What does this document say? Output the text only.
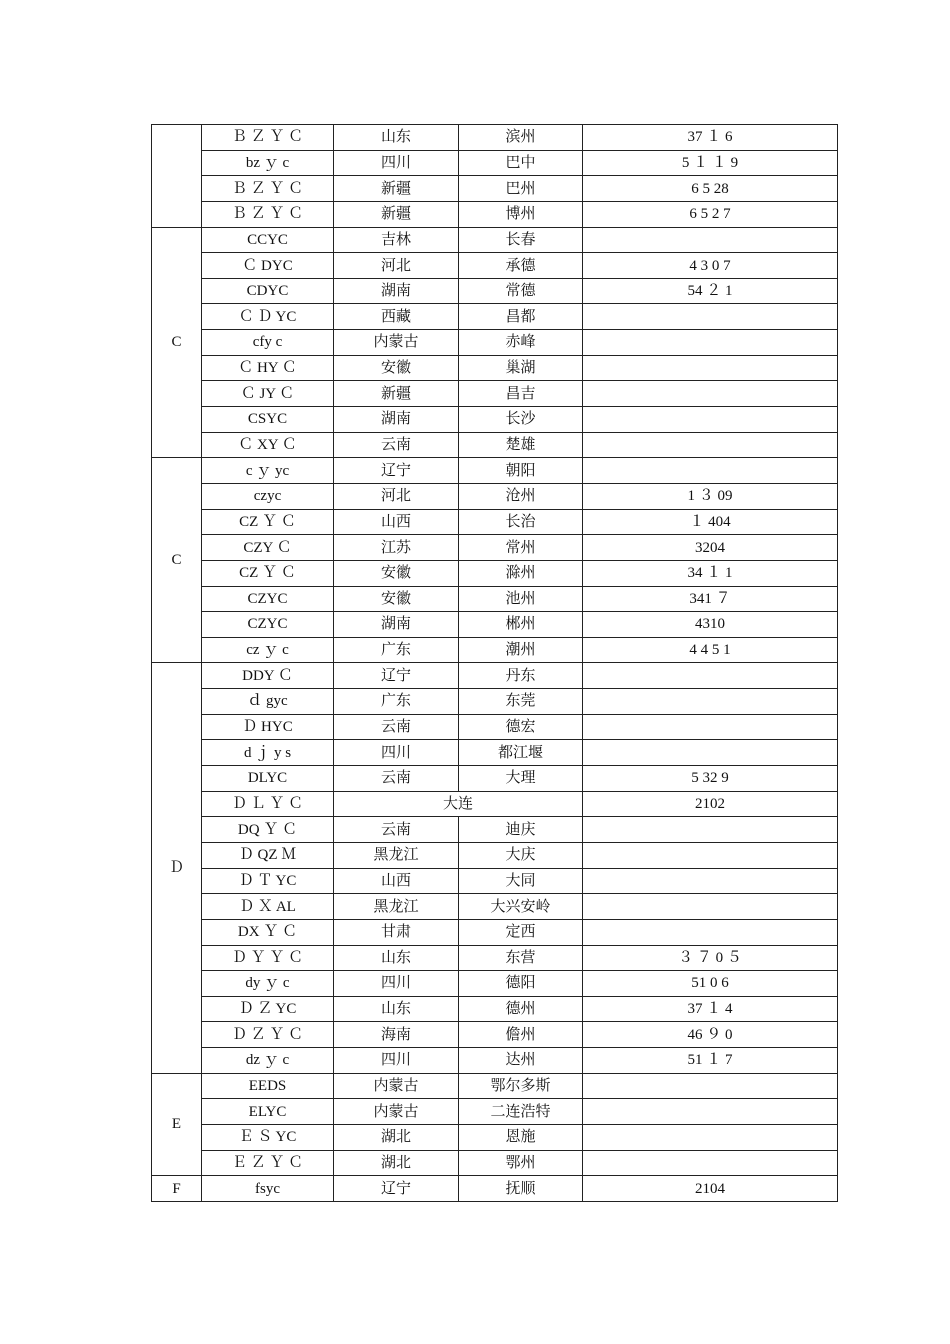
	Ｂ Ｚ Ｙ Ｃ	山东	滨州	37 １ 6
	bz ｙ c	四川	巴中	5 １ １ 9
	Ｂ Ｚ Ｙ Ｃ	新疆	巴州	6 5 28
	Ｂ Ｚ Ｙ Ｃ	新疆	博州	6 5 2 7
C	CCYC	吉林	长春	
	Ｃ DYC	河北	承德	4 3 0 7
	CDYC	湖南	常德	54 ２ 1
	Ｃ Ｄ YC	西藏	昌都	
	cfy c	内蒙古	赤峰	
	Ｃ HY Ｃ	安徽	巢湖	
	Ｃ JY Ｃ	新疆	昌吉	
	CSYC	湖南	长沙	
	Ｃ XY Ｃ	云南	楚雄	
C	c ｙ yc	辽宁	朝阳	
	czyc	河北	沧州	1 ３ 09
	CZ Ｙ Ｃ	山西	长治	１ 404
	CZY Ｃ	江苏	常州	3204
	CZ Ｙ Ｃ	安徽	滁州	34 １ 1
	CZYC	安徽	池州	341 ７
	CZYC	湖南	郴州	4310
	cz ｙ c	广东	潮州	4 4 5 1
Ｄ	DDY Ｃ	辽宁	丹东	
	ｄ gyc	广东	东莞	
	Ｄ HYC	云南	德宏	
	d ｊ y s	四川	都江堰	
	DLYC	云南	大理	5 32 9
	Ｄ Ｌ Ｙ Ｃ	大连		2102
	DQ Ｙ Ｃ	云南	迪庆	
	Ｄ QZ Ｍ	黑龙江	大庆	
	Ｄ Ｔ YC	山西	大同	
	Ｄ Ｘ AL	黑龙江	大兴安岭	
	DX Ｙ Ｃ	甘肃	定西	
	Ｄ Ｙ Ｙ Ｃ	山东	东营	３ ７ 0 ５
	dy ｙ c	四川	德阳	51 0 6
	Ｄ Ｚ YC	山东	德州	37 １ 4
	Ｄ Ｚ Ｙ Ｃ	海南	儋州	46 ９ 0
	dz ｙ c	四川	达州	51 １ 7
E	EEDS	内蒙古	鄂尔多斯	
	ELYC	内蒙古	二连浩特	
	Ｅ Ｓ YC	湖北	恩施	
	Ｅ Ｚ Ｙ Ｃ	湖北	鄂州	
F	fsyc	辽宁	抚顺	2104
